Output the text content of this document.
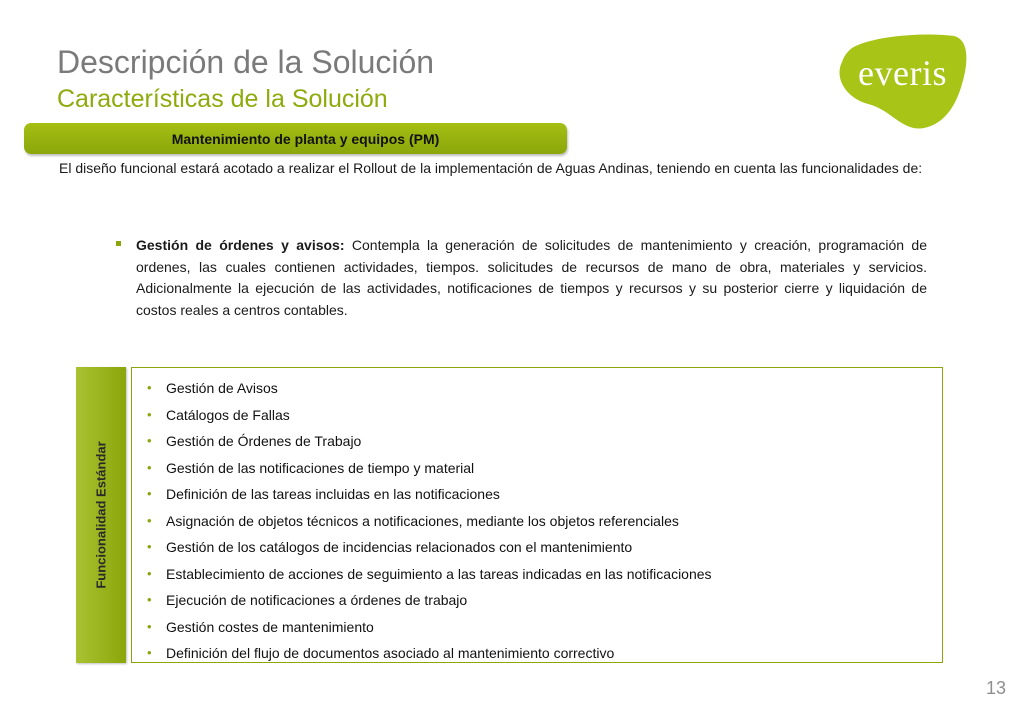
Descripción de la Solución
Características de la Solución
everis
Mantenimiento de planta y equipos (PM)
El diseño funcional estará acotado a realizar el Rollout de la implementación de Aguas Andinas, teniendo en cuenta las funcionalidades de:
Gestión de órdenes y avisos: Contempla la generación de solicitudes de mantenimiento y creación, programación de ordenes, las cuales contienen actividades, tiempos. solicitudes de recursos de mano de obra, materiales y servicios. Adicionalmente la ejecución de las actividades, notificaciones de tiempos y recursos y su posterior cierre y liquidación de costos reales a centros contables.
Funcionalidad Estándar
• Gestión de Avisos
• Catálogos de Fallas
• Gestión de Órdenes de Trabajo
• Gestión de las notificaciones de tiempo y material
• Definición de las tareas incluidas en las notificaciones
• Asignación de objetos técnicos a notificaciones, mediante los objetos referenciales
• Gestión de los catálogos de incidencias relacionados con el mantenimiento
• Establecimiento de acciones de seguimiento a las tareas indicadas en las notificaciones
• Ejecución de notificaciones a órdenes de trabajo
• Gestión costes de mantenimiento
• Definición del flujo de documentos asociado al mantenimiento correctivo
13
